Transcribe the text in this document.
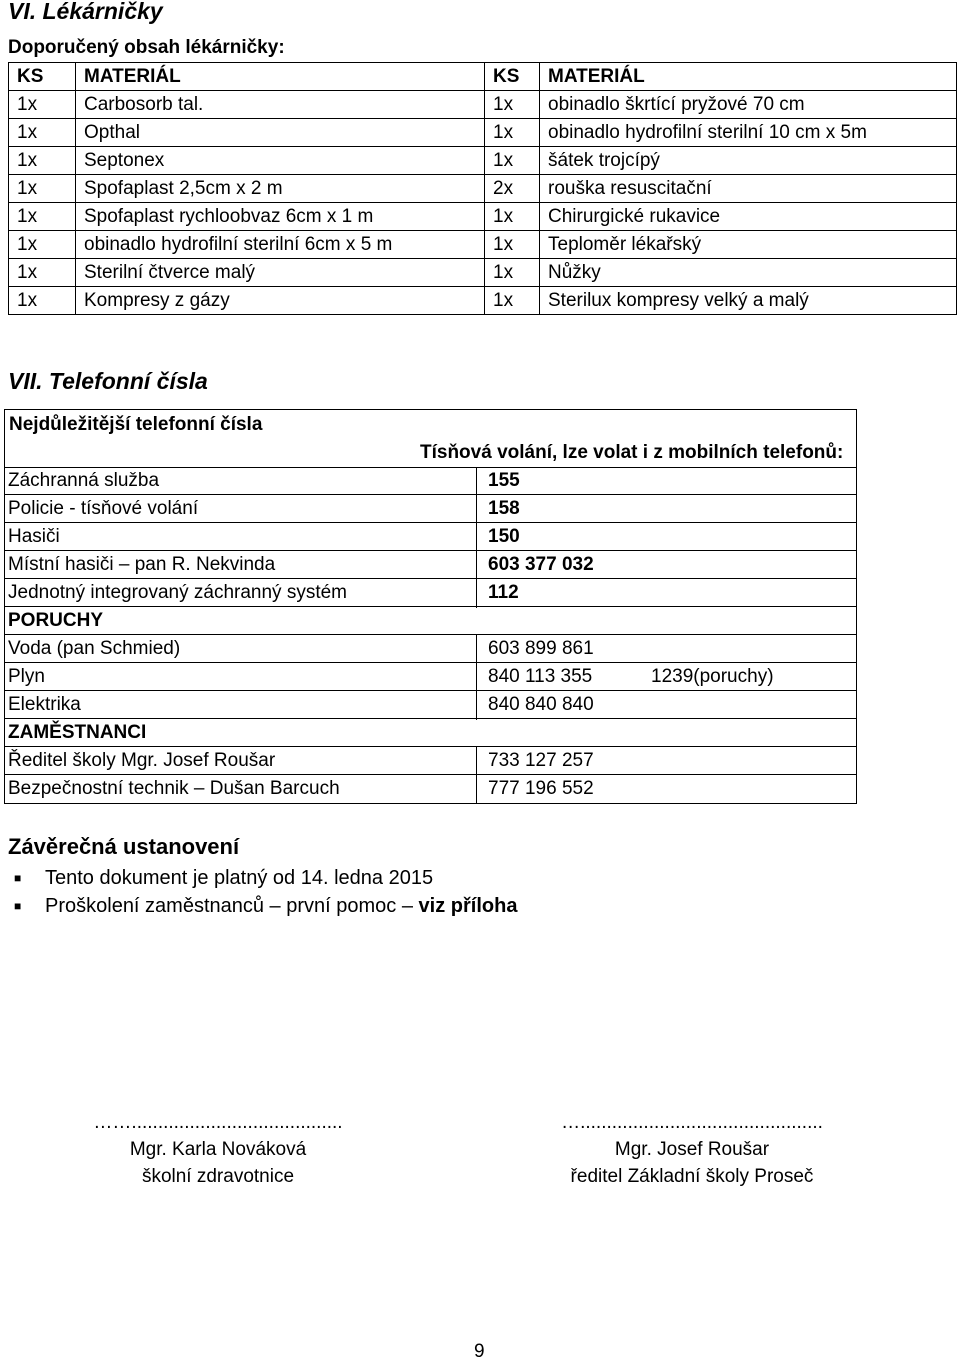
VI. Lékárničky
Doporučený obsah lékárničky:
KS	MATERIÁL	KS	MATERIÁL
1x	Carbosorb tal.	1x	obinadlo škrtící pryžové 70 cm
1x	Opthal	1x	obinadlo hydrofilní sterilní 10 cm x 5m
1x	Septonex	1x	šátek trojcípý
1x	Spofaplast 2,5cm x 2 m	2x	rouška resuscitační
1x	Spofaplast rychloobvaz 6cm x 1 m	1x	Chirurgické rukavice
1x	obinadlo hydrofilní sterilní 6cm x 5 m	1x	Teploměr lékařský
1x	Sterilní čtverce malý	1x	Nůžky
1x	Kompresy z gázy	1x	Sterilux kompresy velký a malý
VII. Telefonní čísla
Nejdůležitější telefonní čísla
Tísňová volání, lze volat i z mobilních telefonů:
Záchranná služba	155
Policie - tísňové volání	158
Hasiči	150
Místní hasiči – pan R. Nekvinda	603 377 032
Jednotný integrovaný záchranný systém	112
PORUCHY
Voda (pan Schmied)	603 899 861
Plyn	840 113 355	1239(poruchy)
Elektrika	840 840 840
ZAMĚSTNANCI
Ředitel školy Mgr. Josef Roušar	733 127 257
Bezpečnostní technik – Dušan Barcuch	777 196 552
Závěrečná ustanovení
■ Tento dokument je platný od 14. ledna 2015
■ Proškolení zaměstnanců – první pomoc – viz příloha
……........................................
Mgr. Karla Nováková
školní zdravotnice
…..............................................
Mgr. Josef Roušar
ředitel Základní školy Proseč
9
